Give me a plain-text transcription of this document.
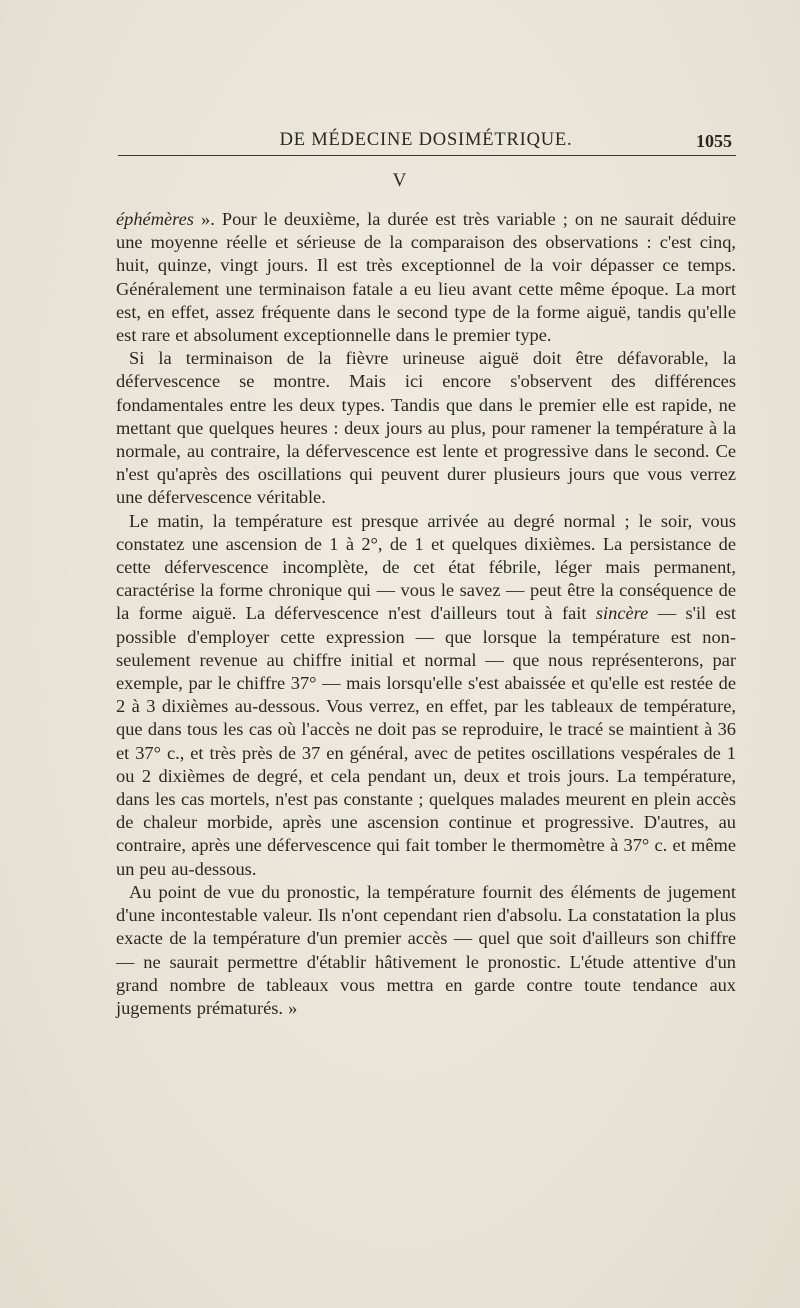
DE MÉDECINE DOSIMÉTRIQUE.	1055
V

éphémères ». Pour le deuxième, la durée est très variable ; on ne saurait déduire une moyenne réelle et sérieuse de la comparaison des observations : c'est cinq, huit, quinze, vingt jours. Il est très exceptionnel de la voir dépasser ce temps. Généralement une terminaison fatale a eu lieu avant cette même époque. La mort est, en effet, assez fréquente dans le second type de la forme aiguë, tandis qu'elle est rare et absolument exceptionnelle dans le premier type.

Si la terminaison de la fièvre urineuse aiguë doit être défavorable, la défervescence se montre. Mais ici encore s'observent des différences fondamentales entre les deux types. Tandis que dans le premier elle est rapide, ne mettant que quelques heures : deux jours au plus, pour ramener la température à la normale, au contraire, la défervescence est lente et progressive dans le second. Ce n'est qu'après des oscillations qui peuvent durer plusieurs jours que vous verrez une défervescence véritable.

Le matin, la température est presque arrivée au degré normal ; le soir, vous constatez une ascension de 1 à 2°, de 1 et quelques dixièmes. La persistance de cette défervescence incomplète, de cet état fébrile, léger mais permanent, caractérise la forme chronique qui — vous le savez — peut être la conséquence de la forme aiguë. La défervescence n'est d'ailleurs tout à fait sincère — s'il est possible d'employer cette expression — que lorsque la température est non-seulement revenue au chiffre initial et normal — que nous représenterons, par exemple, par le chiffre 37° — mais lorsqu'elle s'est abaissée et qu'elle est restée de 2 à 3 dixièmes au-dessous. Vous verrez, en effet, par les tableaux de température, que dans tous les cas où l'accès ne doit pas se reproduire, le tracé se maintient à 36 et 37° c., et très près de 37 en général, avec de petites oscillations vespérales de 1 ou 2 dixièmes de degré, et cela pendant un, deux et trois jours. La température, dans les cas mortels, n'est pas constante ; quelques malades meurent en plein accès de chaleur morbide, après une ascension continue et progressive. D'autres, au contraire, après une défervescence qui fait tomber le thermomètre à 37° c. et même un peu au-dessous.

Au point de vue du pronostic, la température fournit des éléments de jugement d'une incontestable valeur. Ils n'ont cependant rien d'absolu. La constatation la plus exacte de la température d'un premier accès — quel que soit d'ailleurs son chiffre — ne saurait permettre d'établir hâtivement le pronostic. L'étude attentive d'un grand nombre de tableaux vous mettra en garde contre toute tendance aux jugements prématurés. »
